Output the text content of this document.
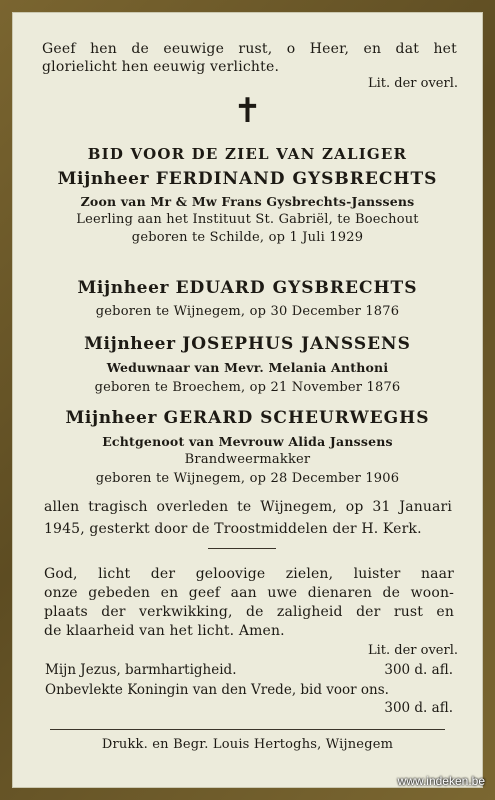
Geef hen de eeuwige rust, o Heer, en dat het
glorielicht hen eeuwig verlichte.
Lit. der overl.
✝
BID VOOR DE ZIEL VAN ZALIGER
Mijnheer FERDINAND GYSBRECHTS
Zoon van Mr & Mw Frans Gysbrechts-Janssens
Leerling aan het Instituut St. Gabriël, te Boechout
geboren te Schilde, op 1 Juli 1929
Mijnheer EDUARD GYSBRECHTS
geboren te Wijnegem, op 30 December 1876
Mijnheer JOSEPHUS JANSSENS
Weduwnaar van Mevr. Melania Anthoni
geboren te Broechem, op 21 November 1876
Mijnheer GERARD SCHEURWEGHS
Echtgenoot van Mevrouw Alida Janssens
Brandweermakker
geboren te Wijnegem, op 28 December 1906
allen tragisch overleden te Wijnegem, op 31 Januari
1945, gesterkt door de Troostmiddelen der H. Kerk.
God, licht der geloovige zielen, luister naar
onze gebeden en geef aan uwe dienaren de woon-
plaats der verkwikking, de zaligheid der rust en
de klaarheid van het licht. Amen.
Lit. der overl.
Mijn Jezus, barmhartigheid.	300 d. afl.
Onbevlekte Koningin van den Vrede, bid voor ons.
300 d. afl.
Drukk. en Begr. Louis Hertoghs, Wijnegem
www.indeken.be
